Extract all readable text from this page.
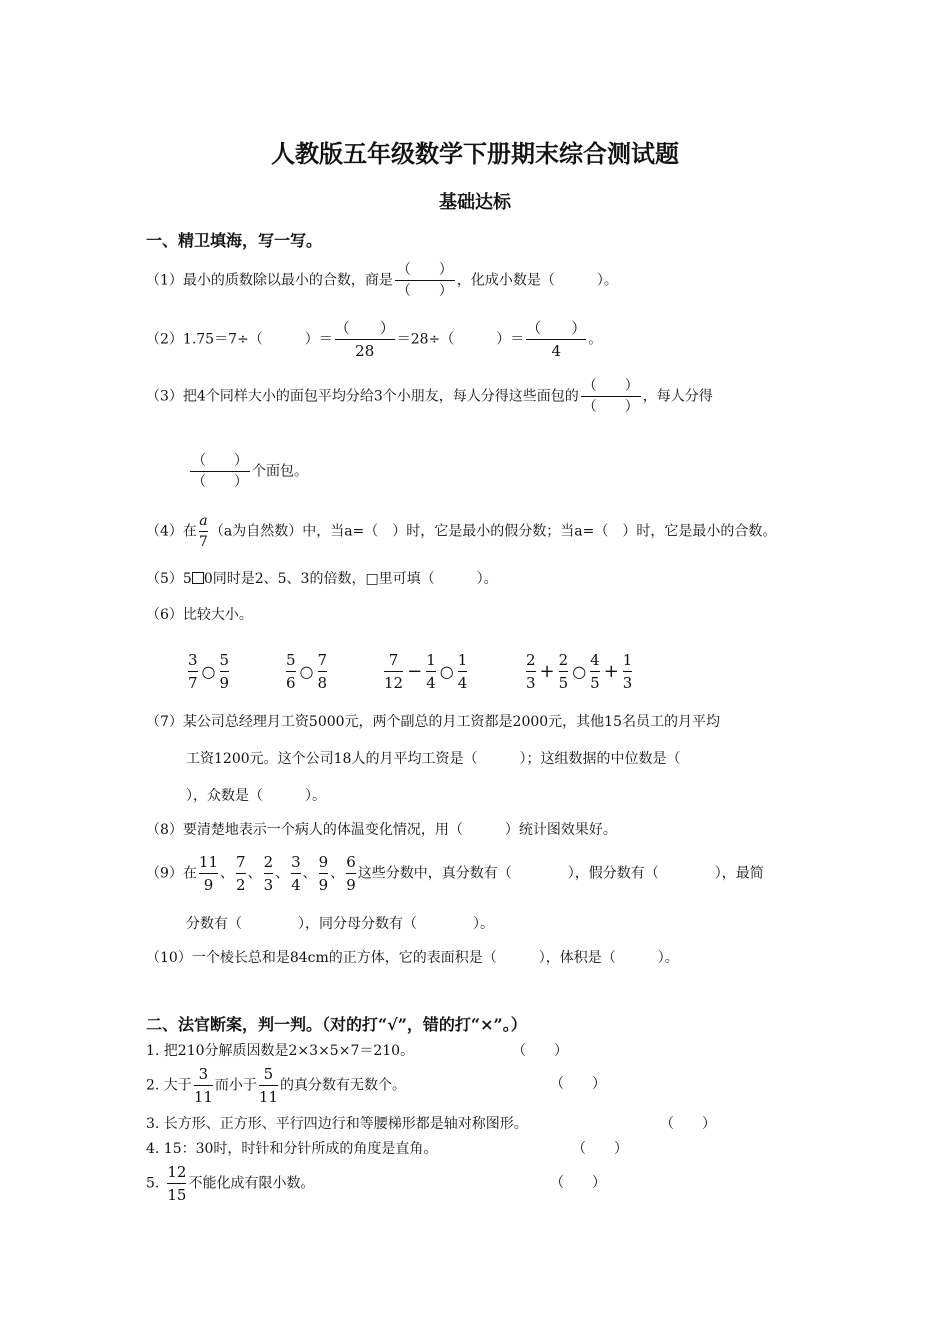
人教版五年级数学下册期末综合测试题
基础达标
一、精卫填海，写一写。
（1）最小的质数除以最小的合数，商是 $\frac{( )}{( )}$ ，化成小数是（　　　）。
（2）1.75＝7÷（　　　）＝ $\frac{( )}{28} =28\div$（　　　）＝ $\frac{( )}{4}$ 。
（3）把4个同样大小的面包平均分给3个小朋友，每人分得这些面包的 $\frac{( )}{( )}$ ，每人分得
$\frac{( )}{( )}$ 个面包。
（4）在 $\frac{a}{7} (a$为自然数）中，当a=（　）时，它是最小的假分数；当a=（　）时，它是最小的合数。
（5）5 0同时是2、5、3的倍数，□里可填（　　　）。
（6）比较大小。
$\frac{3}{7}$ ○ $\frac{5}{9}$	$\frac{5}{6}$ ○ $\frac{7}{8}$	$\frac{7}{12} - \frac{1}{4}$ ○ $\frac{1}{4}$	$\frac{2}{3} + \frac{2}{5}$ ○ $\frac{4}{5} + \frac{1}{3}$
（7）某公司总经理月工资5000元，两个副总的月工资都是2000元，其他15名员工的月平均
工资1200元。这个公司18人的月平均工资是（　　　）；这组数据的中位数是（
），众数是（　　　）。
（8）要清楚地表示一个病人的体温变化情况，用（　　　）统计图效果好。
（9）在 $\frac{11}{9}$ 、 $\frac{7}{2}$ 、 $\frac{2}{3}$ 、 $\frac{3}{4}$ 、 $\frac{9}{9}$ 、 $\frac{6}{9}$ 这些分数中，真分数有（　　　　），假分数有（　　　　），最简
分数有（　　　　），同分母分数有（　　　　）。
（10）一个棱长总和是84cm的正方体，它的表面积是（　　　），体积是（　　　）。
二、法官断案，判一判。（对的打“√”，错的打“×”。）
1. 把210分解质因数是2×3×5×7＝210。	（　　）
2. 大于 $\frac{3}{11}$ 而小于 $\frac{5}{11}$ 的真分数有无数个。	（　　）
3. 长方形、正方形、平行四边行和等腰梯形都是轴对称图形。	（　　）
4. 15：30时，时针和分针所成的角度是直角。	（　　）
5. $\frac{12}{15}$ 不能化成有限小数。	（　　）
